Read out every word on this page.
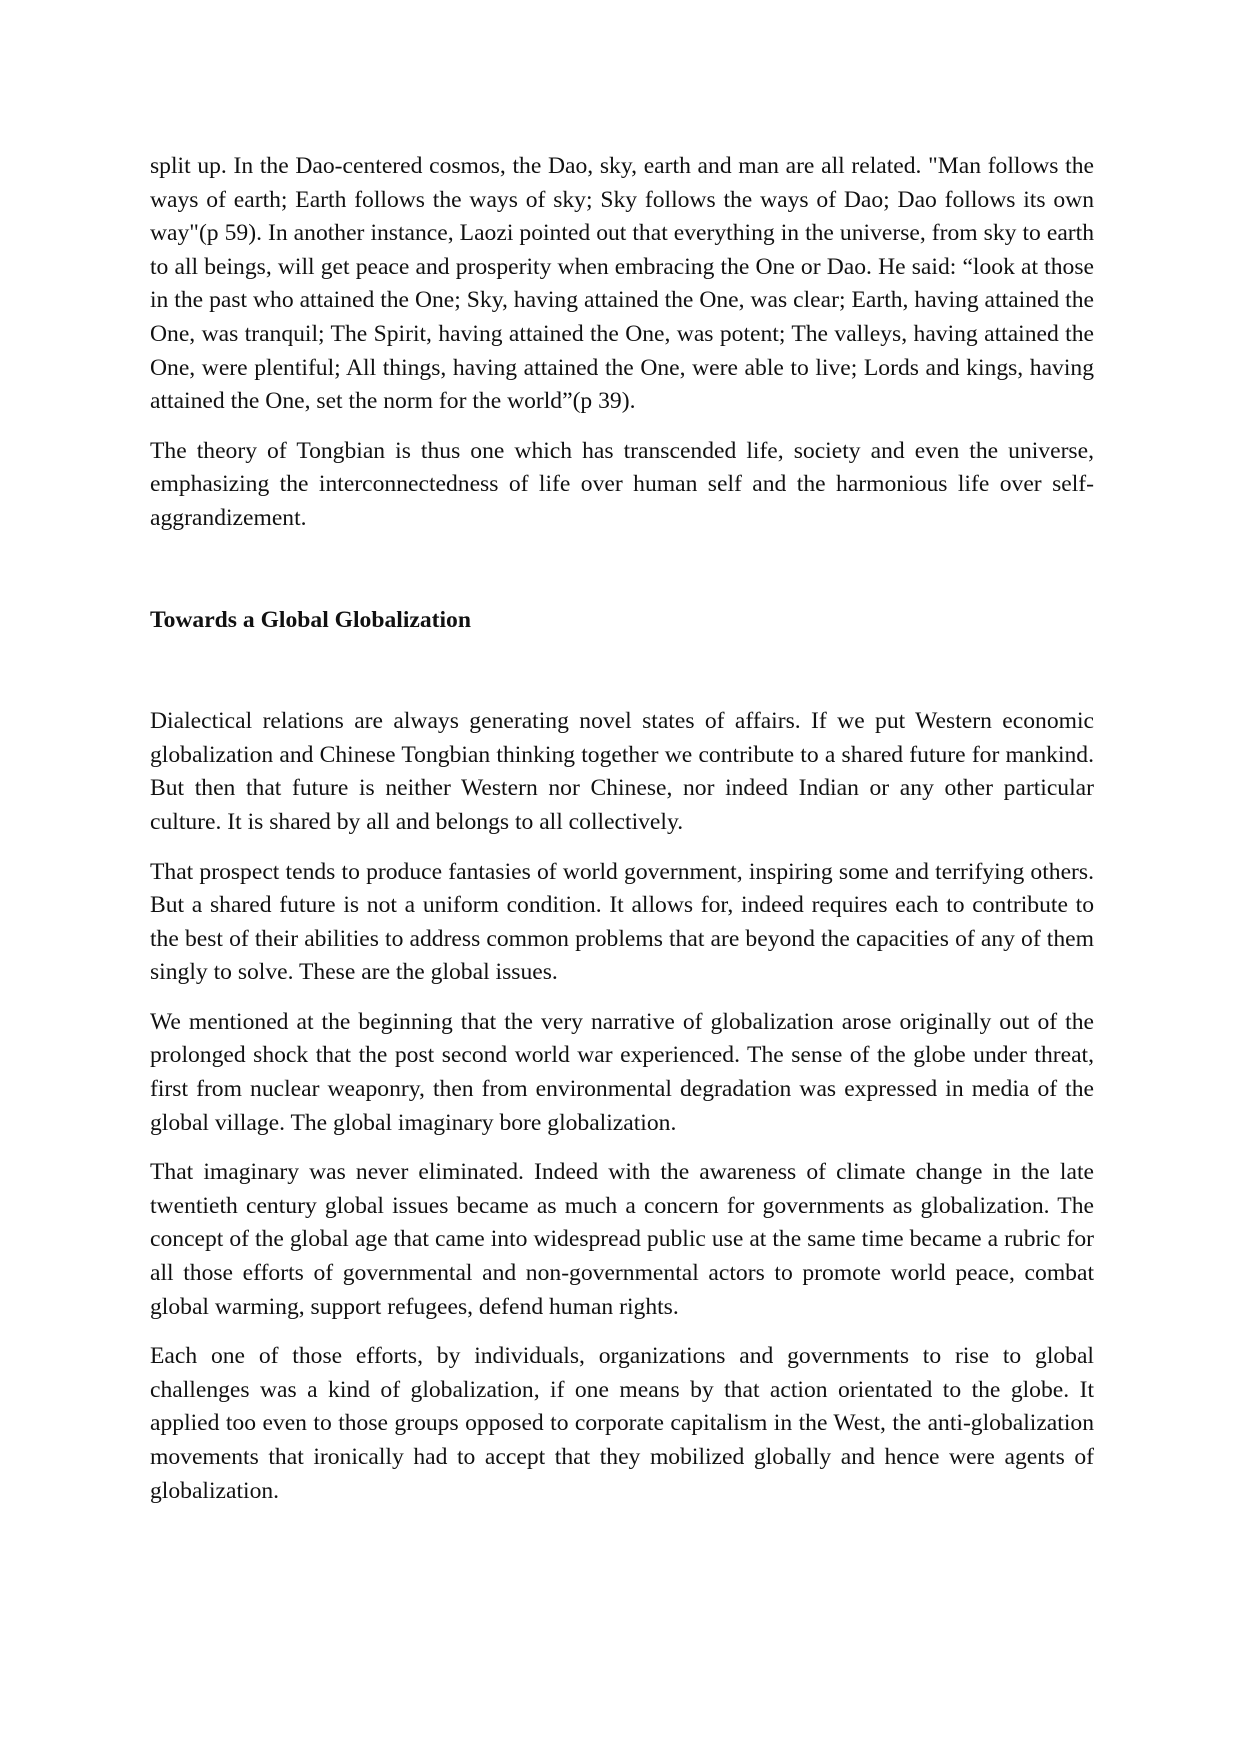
split up. In the Dao-centered cosmos, the Dao, sky, earth and man are all related. "Man follows the ways of earth; Earth follows the ways of sky; Sky follows the ways of Dao; Dao follows its own way"(p 59). In another instance, Laozi pointed out that everything in the universe, from sky to earth to all beings, will get peace and prosperity when embracing the One or Dao. He said: “look at those in the past who attained the One; Sky, having attained the One, was clear; Earth, having attained the One, was tranquil; The Spirit, having attained the One, was potent; The valleys, having attained the One, were plentiful; All things, having attained the One, were able to live; Lords and kings, having attained the One, set the norm for the world”(p 39).

The theory of Tongbian is thus one which has transcended life, society and even the universe, emphasizing the interconnectedness of life over human self and the harmonious life over self-aggrandizement.

Towards a Global Globalization

Dialectical relations are always generating novel states of affairs. If we put Western economic globalization and Chinese Tongbian thinking together we contribute to a shared future for mankind. But then that future is neither Western nor Chinese, nor indeed Indian or any other particular culture. It is shared by all and belongs to all collectively.

That prospect tends to produce fantasies of world government, inspiring some and terrifying others. But a shared future is not a uniform condition. It allows for, indeed requires each to contribute to the best of their abilities to address common problems that are beyond the capacities of any of them singly to solve. These are the global issues.

We mentioned at the beginning that the very narrative of globalization arose originally out of the prolonged shock that the post second world war experienced. The sense of the globe under threat, first from nuclear weaponry, then from environmental degradation was expressed in media of the global village. The global imaginary bore globalization.

That imaginary was never eliminated. Indeed with the awareness of climate change in the late twentieth century global issues became as much a concern for governments as globalization. The concept of the global age that came into widespread public use at the same time became a rubric for all those efforts of governmental and non-governmental actors to promote world peace, combat global warming, support refugees, defend human rights.

Each one of those efforts, by individuals, organizations and governments to rise to global challenges was a kind of globalization, if one means by that action orientated to the globe. It applied too even to those groups opposed to corporate capitalism in the West, the anti-globalization movements that ironically had to accept that they mobilized globally and hence were agents of globalization.
